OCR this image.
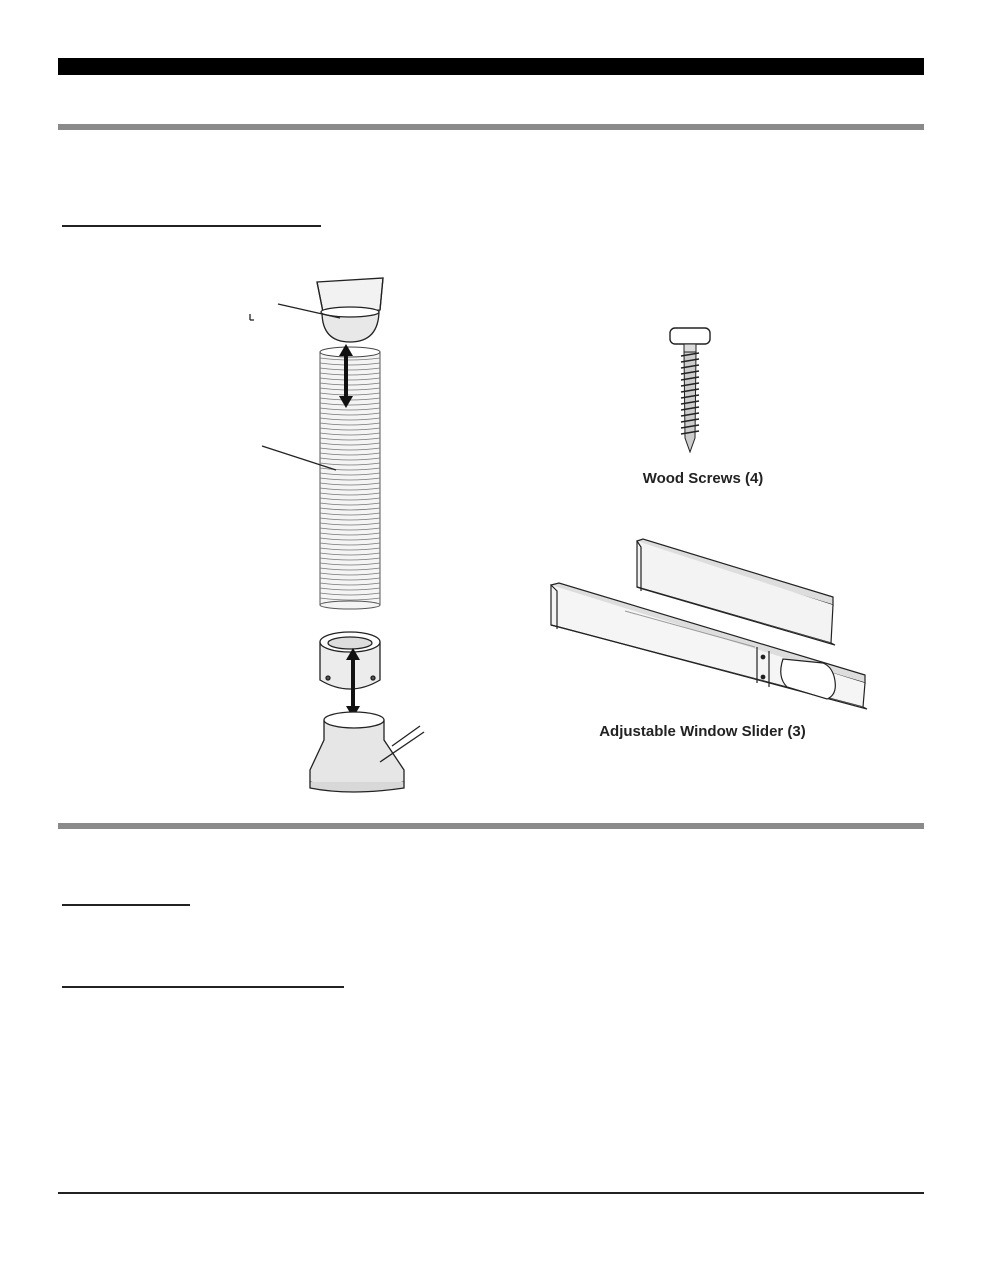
Wood Screws (4)
Adjustable Window Slider (3)
